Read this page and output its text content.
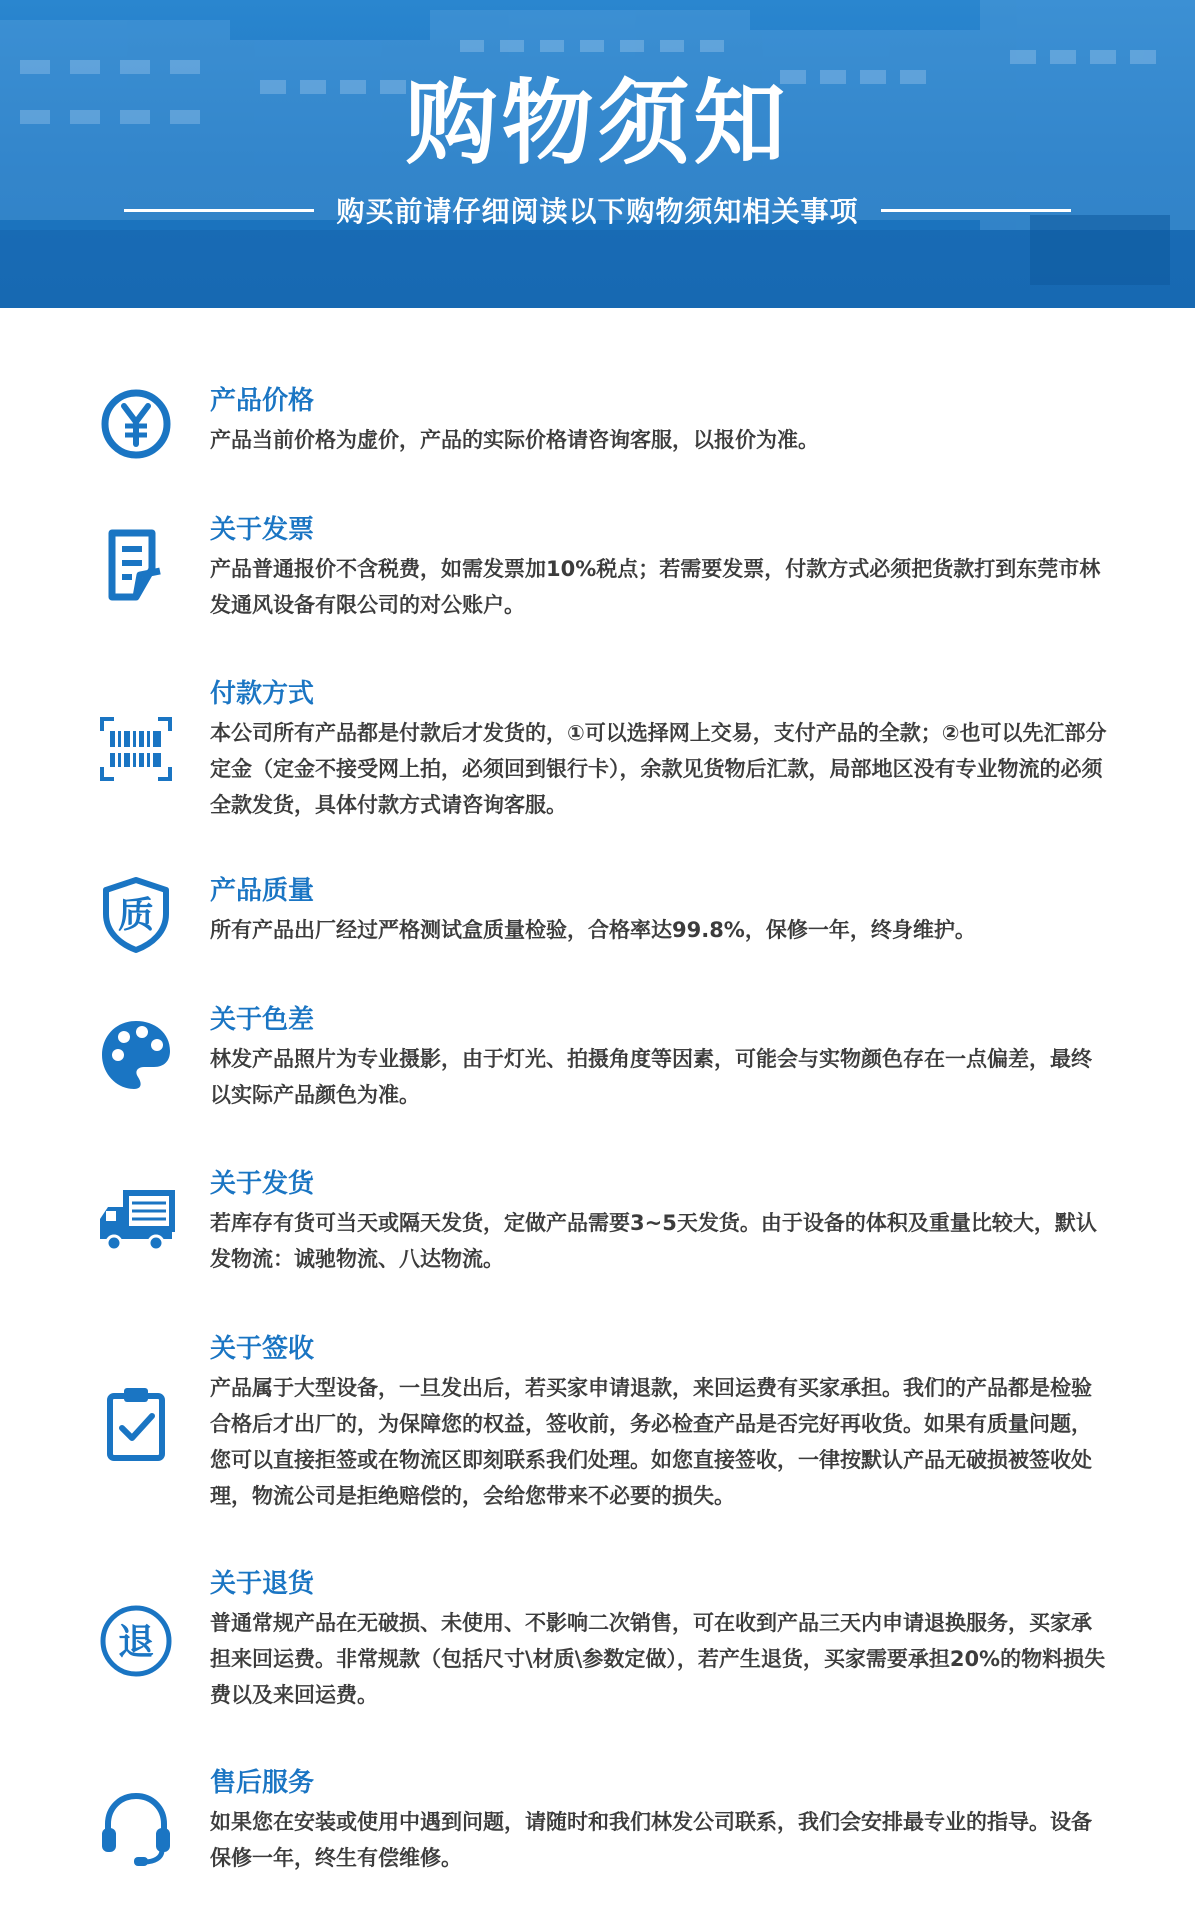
购物须知
购买前请仔细阅读以下购物须知相关事项
产品价格

产品当前价格为虚价，产品的实际价格请咨询客服，以报价为准。

关于发票

产品普通报价不含税费，如需发票加10%税点；若需要发票，付款方式必须把货款打到东莞市林发通风设备有限公司的对公账户。

付款方式

本公司所有产品都是付款后才发货的，①可以选择网上交易，支付产品的全款；②也可以先汇部分定金（定金不接受网上拍，必须回到银行卡），余款见货物后汇款，局部地区没有专业物流的必须全款发货，具体付款方式请咨询客服。

质
产品质量

所有产品出厂经过严格测试盒质量检验，合格率达99.8%，保修一年，终身维护。

关于色差

林发产品照片为专业摄影，由于灯光、拍摄角度等因素，可能会与实物颜色存在一点偏差，最终以实际产品颜色为准。

关于发货

若库存有货可当天或隔天发货，定做产品需要3~5天发货。由于设备的体积及重量比较大，默认发物流：诚驰物流、八达物流。

关于签收

产品属于大型设备，一旦发出后，若买家申请退款，来回运费有买家承担。我们的产品都是检验合格后才出厂的，为保障您的权益，签收前，务必检查产品是否完好再收货。如果有质量问题，您可以直接拒签或在物流区即刻联系我们处理。如您直接签收，一律按默认产品无破损被签收处理，物流公司是拒绝赔偿的，会给您带来不必要的损失。

退
关于退货

普通常规产品在无破损、未使用、不影响二次销售，可在收到产品三天内申请退换服务，买家承担来回运费。非常规款（包括尺寸\材质\参数定做），若产生退货，买家需要承担20%的物料损失费以及来回运费。

售后服务

如果您在安装或使用中遇到问题，请随时和我们林发公司联系，我们会安排最专业的指导。设备保修一年，终生有偿维修。
